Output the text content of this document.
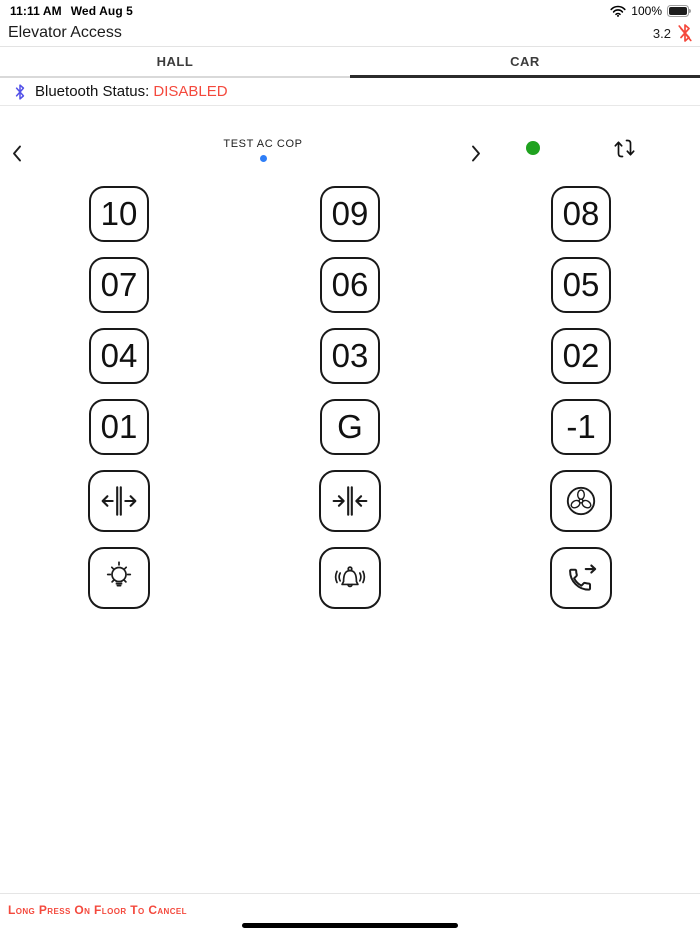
11:11 AM Wed Aug 5	100%
Elevator Access	3.2
HALL	CAR
Bluetooth Status: DISABLED
TEST AC COP
10
07
04
01
09
06
03
G
08
05
02
-1
Long Press On Floor To Cancel
